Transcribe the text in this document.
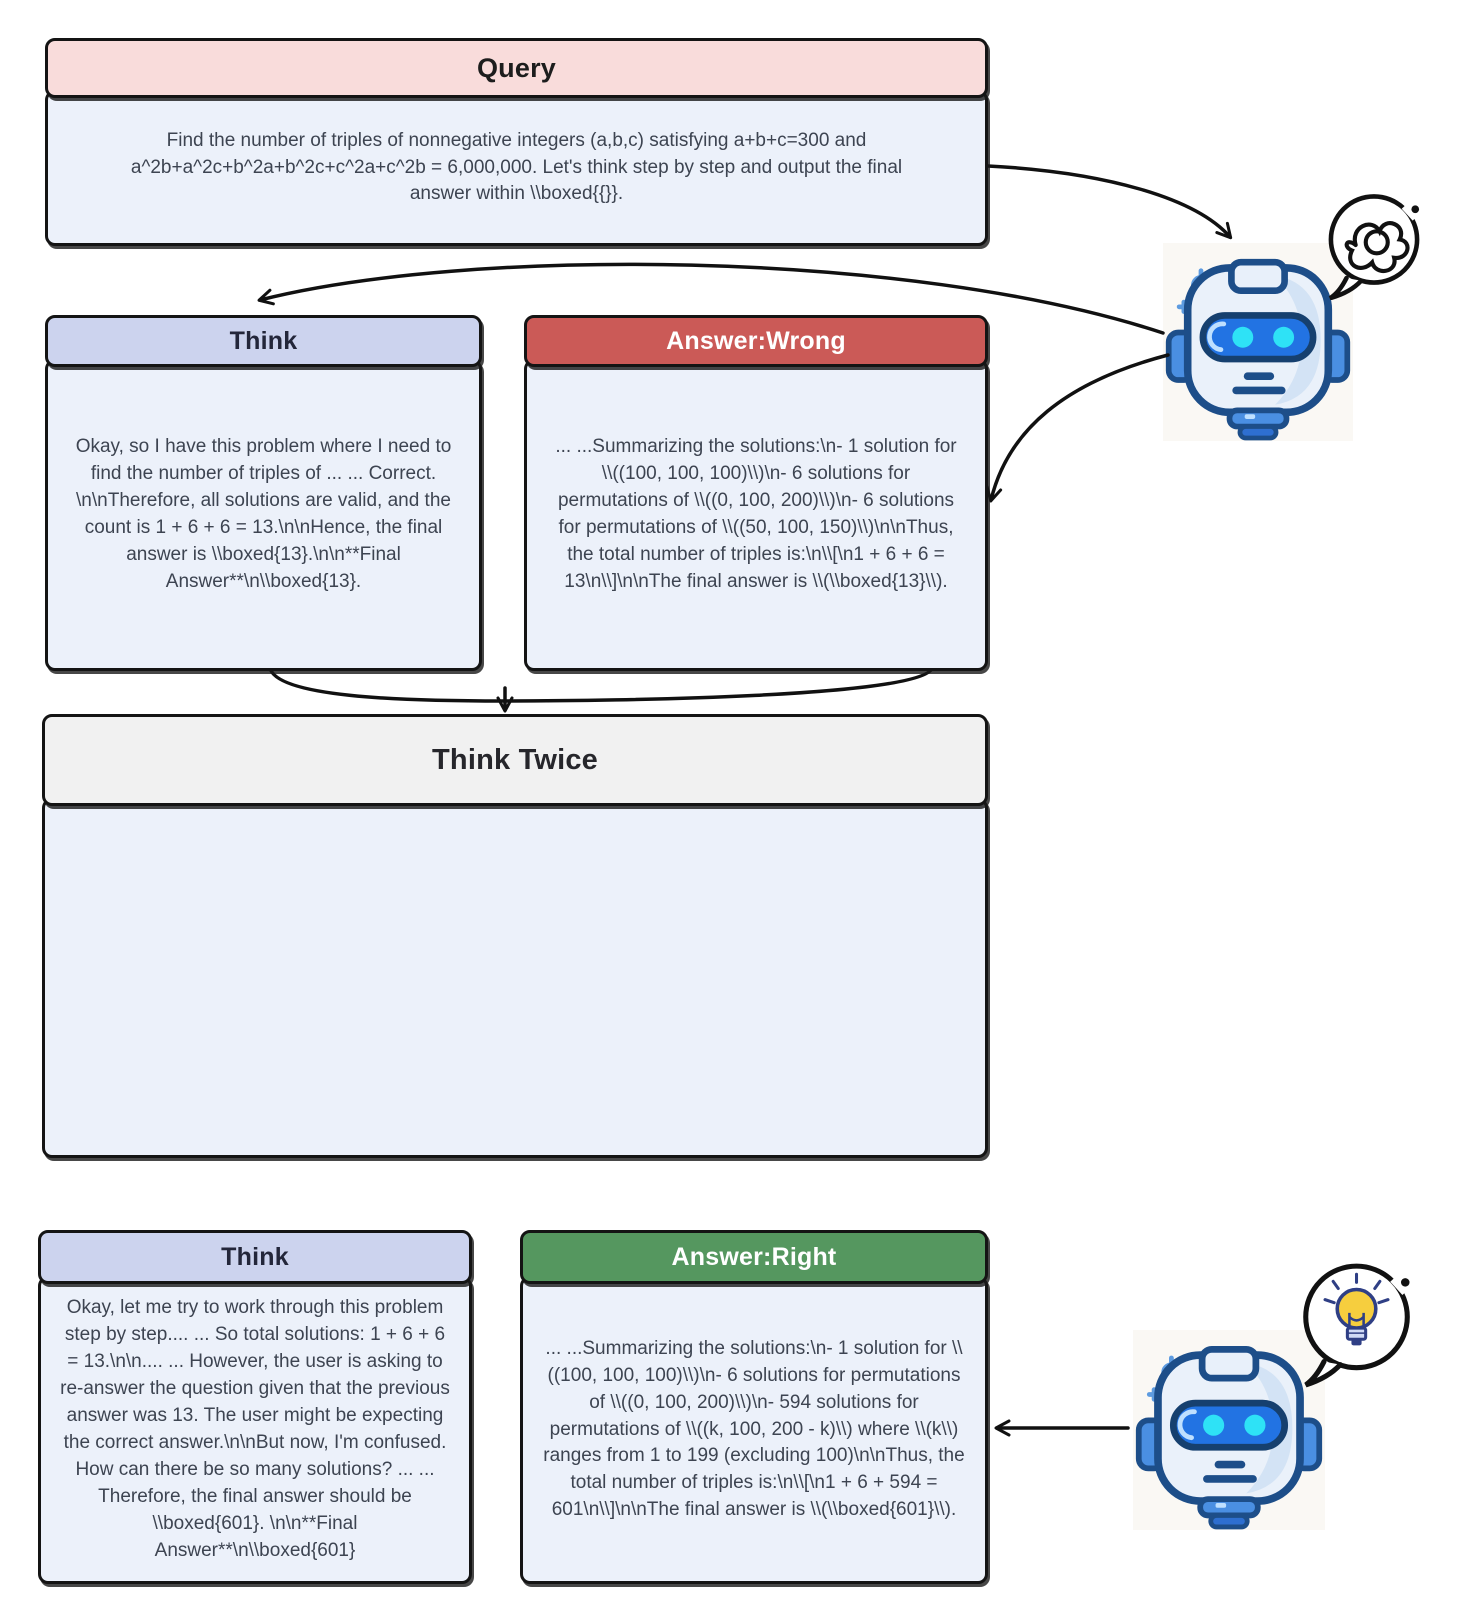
Query
Find the number of triples of nonnegative integers (a,b,c) satisfying a+b+c=300 and a^2b+a^2c+b^2a+b^2c+c^2a+c^2b = 6,000,000. Let's think step by step and output the final answer within \\boxed{{}}.
Think
Okay, so I have this problem where I need to find the number of triples of ... ... Correct. \n\nTherefore, all solutions are valid, and the count is 1 + 6 + 6 = 13.\n\nHence, the final answer is \\boxed{13}.\n\n**Final Answer**\n\\boxed{13}.
Answer:Wrong
... ...Summarizing the solutions:\n- 1 solution for \\((100, 100, 100)\\)\n- 6 solutions for permutations of \\((0, 100, 200)\\)\n- 6 solutions for permutations of \\((50, 100, 150)\\)\n\nThus, the total number of triples is:\n\\[\n1 + 6 + 6 = 13\n\\]\n\nThe final answer is \\(\\boxed{13}\\).
Think Twice
Think
Okay, let me try to work through this problem step by step.... ... So total solutions: 1 + 6 + 6 = 13.\n\n.... ... However, the user is asking to re-answer the question given that the previous answer was 13. The user might be expecting the correct answer.\n\nBut now, I'm confused. How can there be so many solutions? ... ... Therefore, the final answer should be \\boxed{601}. \n\n**Final Answer**\n\\boxed{601}
Answer:Right
... ...Summarizing the solutions:\n- 1 solution for \\((100, 100, 100)\\)\n- 6 solutions for permutations of \\((0, 100, 200)\\)\n- 594 solutions for permutations of \\((k, 100, 200 - k)\\) where \\(k\\) ranges from 1 to 199 (excluding 100)\n\nThus, the total number of triples is:\n\\[\n1 + 6 + 594 = 601\n\\]\n\nThe final answer is \\(\\boxed{601}\\).
